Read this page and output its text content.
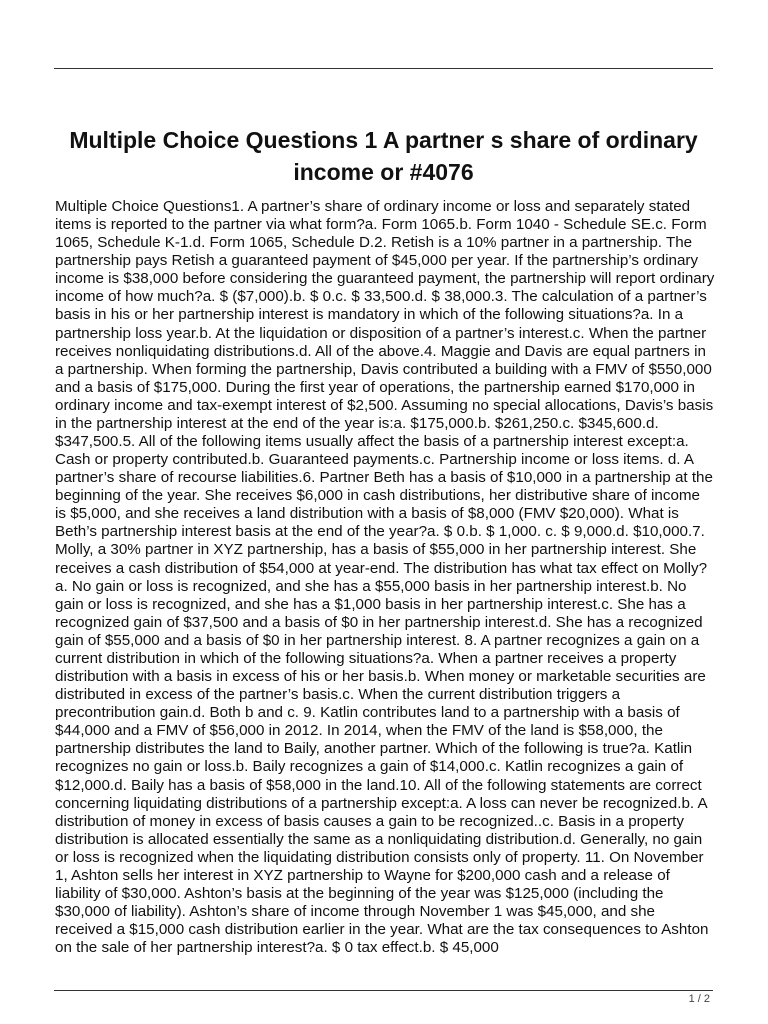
Multiple Choice Questions 1 A partner s share of ordinary income or #4076

Multiple Choice Questions1. A partner’s share of ordinary income or loss and separately stated items is reported to the partner via what form?a. Form 1065.b. Form 1040 - Schedule SE.c. Form 1065, Schedule K-1.d. Form 1065, Schedule D.2. Retish is a 10% partner in a partnership. The partnership pays Retish a guaranteed payment of $45,000 per year. If the partnership’s ordinary income is $38,000 before considering the guaranteed payment, the partnership will report ordinary income of how much?a. $ ($7,000).b. $ 0.c. $ 33,500.d. $ 38,000.3. The calculation of a partner’s basis in his or her partnership interest is mandatory in which of the following situations?a. In a partnership loss year.b. At the liquidation or disposition of a partner’s interest.c. When the partner receives nonliquidating distributions.d. All of the above.4. Maggie and Davis are equal partners in a partnership. When forming the partnership, Davis contributed a building with a FMV of $550,000 and a basis of $175,000. During the first year of operations, the partnership earned $170,000 in ordinary income and tax-exempt interest of $2,500. Assuming no special allocations, Davis’s basis in the partnership interest at the end of the year is:a. $175,000.b. $261,250.c. $345,600.d. $347,500.5. All of the following items usually affect the basis of a partnership interest except:a. Cash or property contributed.b. Guaranteed payments.c. Partnership income or loss items. d. A partner’s share of recourse liabilities.6. Partner Beth has a basis of $10,000 in a partnership at the beginning of the year. She receives $6,000 in cash distributions, her distributive share of income is $5,000, and she receives a land distribution with a basis of $8,000 (FMV $20,000). What is Beth’s partnership interest basis at the end of the year?a. $ 0.b. $ 1,000. c. $ 9,000.d. $10,000.7. Molly, a 30% partner in XYZ partnership, has a basis of $55,000 in her partnership interest. She receives a cash distribution of $54,000 at year-end. The distribution has what tax effect on Molly?a. No gain or loss is recognized, and she has a $55,000 basis in her partnership interest.b. No gain or loss is recognized, and she has a $1,000 basis in her partnership interest.c. She has a recognized gain of $37,500 and a basis of $0 in her partnership interest.d. She has a recognized gain of $55,000 and a basis of $0 in her partnership interest. 8. A partner recognizes a gain on a current distribution in which of the following situations?a. When a partner receives a property distribution with a basis in excess of his or her basis.b. When money or marketable securities are distributed in excess of the partner’s basis.c. When the current distribution triggers a precontribution gain.d. Both b and c. 9. Katlin contributes land to a partnership with a basis of $44,000 and a FMV of $56,000 in 2012. In 2014, when the FMV of the land is $58,000, the partnership distributes the land to Baily, another partner. Which of the following is true?a. Katlin recognizes no gain or loss.b. Baily recognizes a gain of $14,000.c. Katlin recognizes a gain of $12,000.d. Baily has a basis of $58,000 in the land.10. All of the following statements are correct concerning liquidating distributions of a partnership except:a. A loss can never be recognized.b. A distribution of money in excess of basis causes a gain to be recognized..c. Basis in a property distribution is allocated essentially the same as a nonliquidating distribution.d. Generally, no gain or loss is recognized when the liquidating distribution consists only of property. 11. On November 1, Ashton sells her interest in XYZ partnership to Wayne for $200,000 cash and a release of liability of $30,000. Ashton’s basis at the beginning of the year was $125,000 (including the $30,000 of liability). Ashton’s share of income through November 1 was $45,000, and she received a $15,000 cash distribution earlier in the year. What are the tax consequences to Ashton on the sale of her partnership interest?a. $ 0 tax effect.b. $ 45,000

1 / 2
